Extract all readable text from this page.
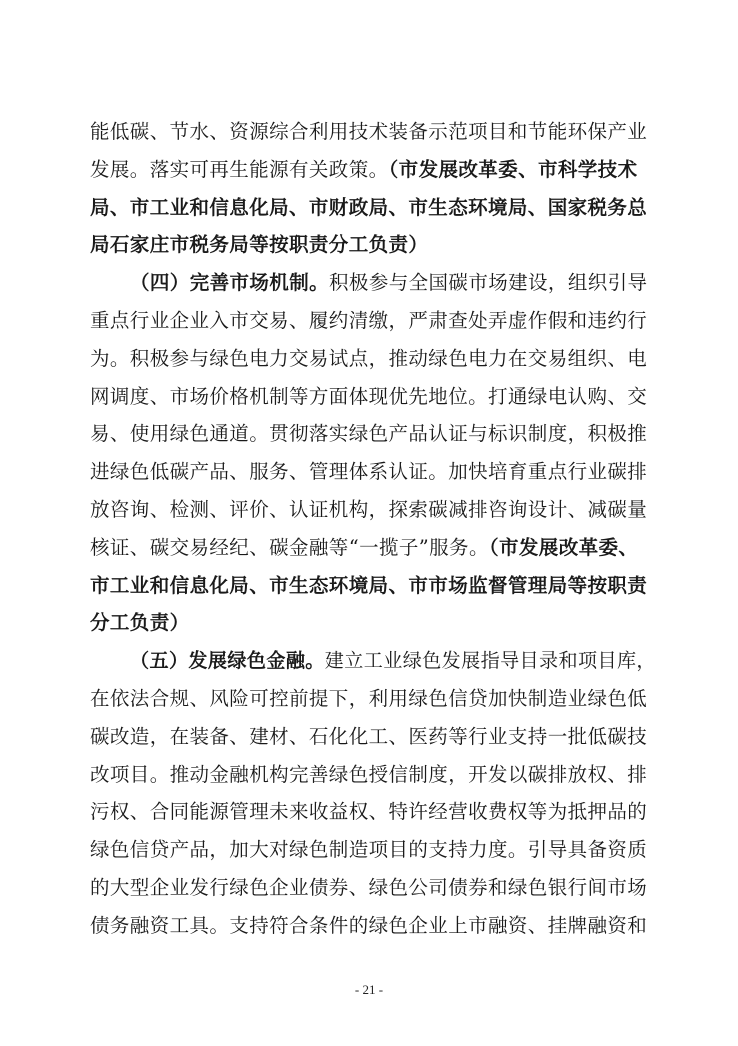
能低碳、节水、资源综合利用技术装备示范项目和节能环保产业
发展。落实可再生能源有关政策。（市发展改革委、市科学技术
局、市工业和信息化局、市财政局、市生态环境局、国家税务总
局石家庄市税务局等按职责分工负责）
（四）完善市场机制。积极参与全国碳市场建设，组织引导
重点行业企业入市交易、履约清缴，严肃查处弄虚作假和违约行
为。积极参与绿色电力交易试点，推动绿色电力在交易组织、电
网调度、市场价格机制等方面体现优先地位。打通绿电认购、交
易、使用绿色通道。贯彻落实绿色产品认证与标识制度，积极推
进绿色低碳产品、服务、管理体系认证。加快培育重点行业碳排
放咨询、检测、评价、认证机构，探索碳减排咨询设计、减碳量
核证、碳交易经纪、碳金融等“一揽子”服务。（市发展改革委、
市工业和信息化局、市生态环境局、市市场监督管理局等按职责
分工负责）
（五）发展绿色金融。建立工业绿色发展指导目录和项目库，
在依法合规、风险可控前提下，利用绿色信贷加快制造业绿色低
碳改造，在装备、建材、石化化工、医药等行业支持一批低碳技
改项目。推动金融机构完善绿色授信制度，开发以碳排放权、排
污权、合同能源管理未来收益权、特许经营收费权等为抵押品的
绿色信贷产品，加大对绿色制造项目的支持力度。引导具备资质
的大型企业发行绿色企业债券、绿色公司债券和绿色银行间市场
债务融资工具。支持符合条件的绿色企业上市融资、挂牌融资和
- 21 -
